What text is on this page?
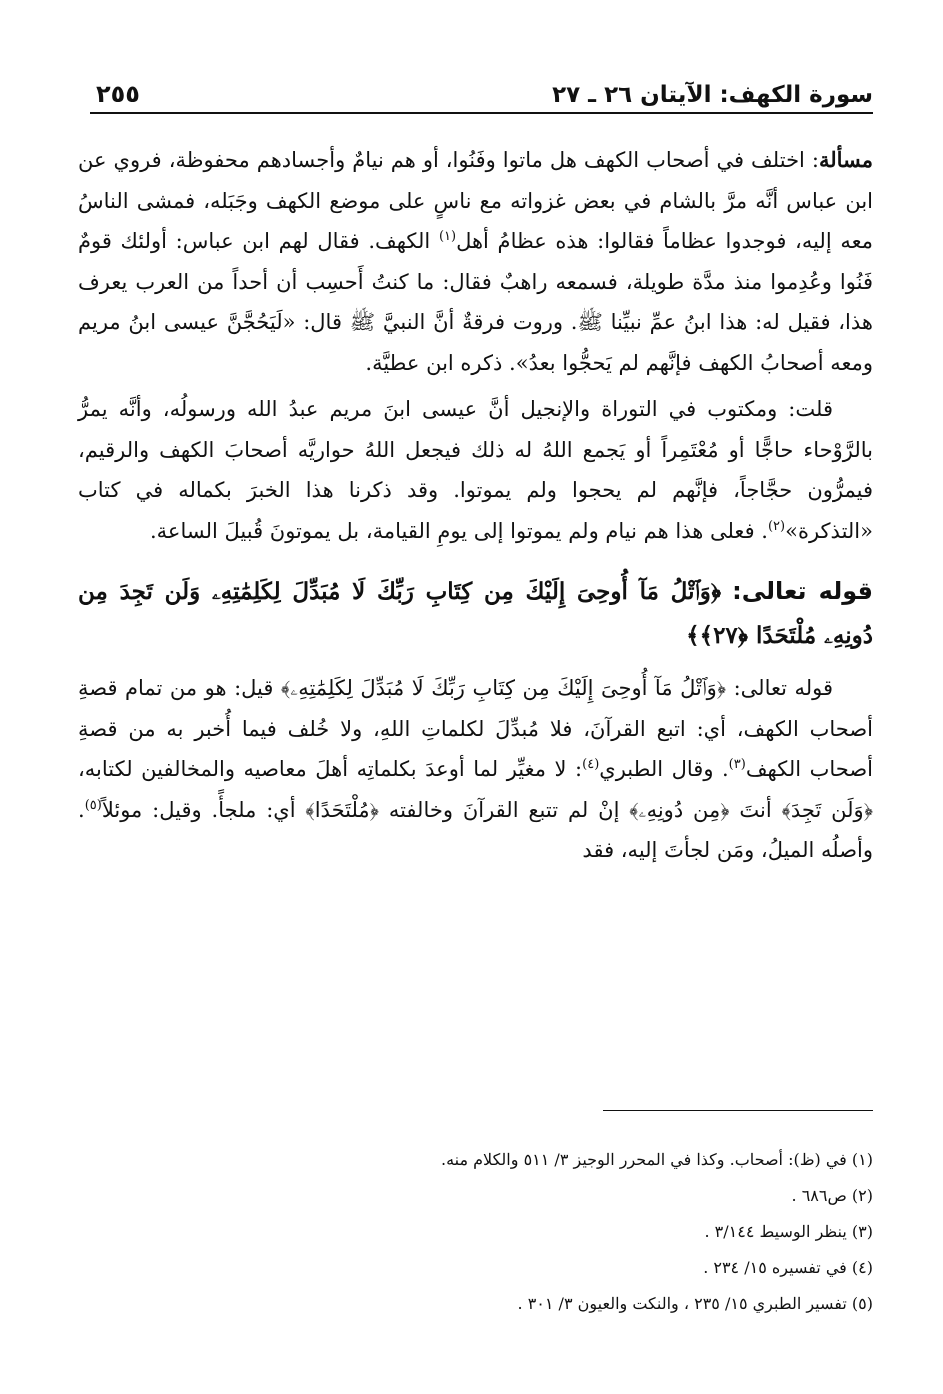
سورة الكهف: الآيتان ٢٦ ـ ٢٧
٢٥٥

مسألة: اختلف في أصحاب الكهف هل ماتوا وفَنُوا، أو هم نيامٌ وأجسادهم محفوظة، فروي عن ابن عباس أنَّه مرَّ بالشام في بعض غزواته مع ناسٍ على موضع الكهف وجَبَله، فمشى الناسُ معه إليه، فوجدوا عظاماً فقالوا: هذه عظامُ أهل$^{(١)}$ الكهف. فقال لهم ابن عباس: أولئك قومٌ فَنُوا وعُدِموا منذ مدَّة طويلة، فسمعه راهبٌ فقال: ما كنتُ أَحسِب أن أحداً من العرب يعرف هذا، فقيل له: هذا ابنُ عمِّ نبيِّنا ﷺ. وروت فرقةٌ أنَّ النبيَّ ﷺ قال: «لَيَحُجَّنَّ عيسى ابنُ مريم ومعه أصحابُ الكهف فإنَّهم لم يَحجُّوا بعدُ». ذكره ابن عطيَّة.

قلت: ومكتوب في التوراة والإنجيل أنَّ عيسى ابنَ مريم عبدُ الله ورسولُه، وأنَّه يمرُّ بالرَّوْحاء حاجًّا أو مُعْتَمِراً أو يَجمع اللهُ له ذلك فيجعل اللهُ حواريَّه أصحابَ الكهف والرقيم، فيمرُّون حجَّاجاً، فإنَّهم لم يحجوا ولم يموتوا. وقد ذكرنا هذا الخبرَ بكماله في كتاب «التذكرة»$^{(٢)}$. فعلى هذا هم نيام ولم يموتوا إلى يومِ القيامة، بل يموتونَ قُبيلَ الساعة.

قوله تعالى: ﴿وَٱتْلُ مَآ أُوحِىَ إِلَيْكَ مِن كِتَابِ رَبِّكَ لَا مُبَدِّلَ لِكَلِمَٰتِهِۦ وَلَن تَجِدَ مِن دُونِهِۦ مُلْتَحَدًا ﴿٢٧﴾﴾

قوله تعالى: ﴿وَٱتْلُ مَآ أُوحِىَ إِلَيْكَ مِن كِتَابِ رَبِّكَ لَا مُبَدِّلَ لِكَلِمَٰتِهِۦ﴾ قيل: هو من تمام قصةِ أصحاب الكهف، أي: اتبع القرآنَ، فلا مُبدِّلَ لكلماتِ اللهِ، ولا خُلف فيما أُخبر به من قصةِ أصحاب الكهف$^{(٣)}$. وقال الطبري$^{(٤)}$: لا مغيِّر لما أوعدَ بكلماتِه أهلَ معاصيه والمخالفين لكتابه، ﴿وَلَن تَجِدَ﴾ أنتَ ﴿مِن دُونِهِۦ﴾ إنْ لم تتبع القرآنَ وخالفته ﴿مُلْتَحَدًا﴾ أي: ملجأً. وقيل: موئلاً$^{(٥)}$. وأصلُه الميلُ، ومَن لجأتَ إليه، فقد

(١) في (ظ): أصحاب. وكذا في المحرر الوجيز ٣/ ٥١١ والكلام منه.

(٢) ص٦٨٦ .

(٣) ينظر الوسيط ٣/١٤٤ .

(٤) في تفسيره ١٥/ ٢٣٤ .

(٥) تفسير الطبري ١٥/ ٢٣٥ ، والنكت والعيون ٣/ ٣٠١ .
